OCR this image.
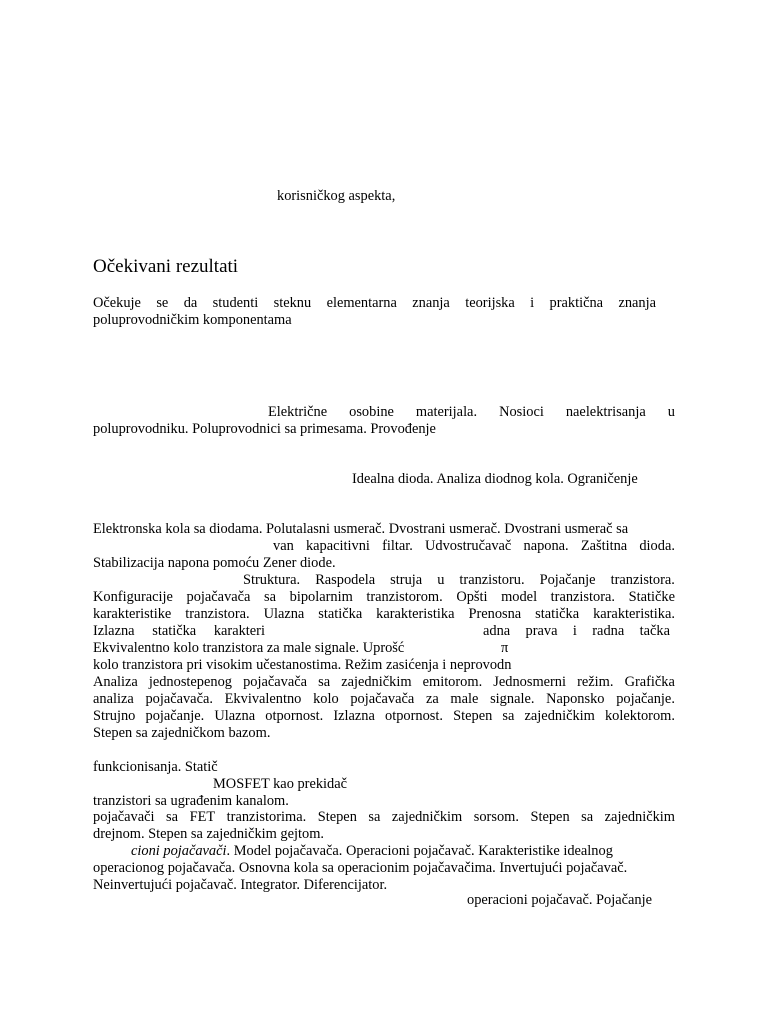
korisničkog aspekta,
Očekivani rezultati
Očekuje se da studenti steknu elementarna znanja teorijska i praktična znanja
poluprovodničkim komponentama
Električne osobine materijala. Nosioci naelektrisanja u
poluprovodniku. Poluprovodnici sa primesama. Provođenje
Idealna dioda. Analiza diodnog kola. Ograničenje
Elektronska kola sa diodama. Polutalasni usmerač. Dvostrani usmerač. Dvostrani usmerač sa
van kapacitivni filtar. Udvostručavač napona. Zaštitna dioda.
Stabilizacija napona pomoću Zener diode.
Struktura. Raspodela struja u tranzistoru. Pojačanje tranzistora.
Konfiguracije pojačavača sa bipolarnim tranzistorom. Opšti model tranzistora. Statičke
karakteristike tranzistora. Ulazna statička karakteristika Prenosna statička karakteristika.
Izlazna statička karakteri	adna prava i radna tačka
Ekvivalentno kolo tranzistora za male signale. Uprošć	π
kolo tranzistora pri visokim učestanostima. Režim zasićenja i neprovodn
Analiza jednostepenog pojačavača sa zajedničkim emitorom. Jednosmerni režim. Grafička
analiza pojačavača. Ekvivalentno kolo pojačavača za male signale. Naponsko pojačanje.
Strujno pojačanje. Ulazna otpornost. Izlazna otpornost. Stepen sa zajedničkim kolektorom.
Stepen sa zajedničkom bazom.
funkcionisanja. Statič
MOSFET kao prekidač
tranzistori sa ugrađenim kanalom.
pojačavači sa FET tranzistorima. Stepen sa zajedničkim sorsom. Stepen sa zajedničkim
drejnom. Stepen sa zajedničkim gejtom.
cioni pojačavači. Model pojačavača. Operacioni pojačavač. Karakteristike idealnog
operacionog pojačavača. Osnovna kola sa operacionim pojačavačima. Invertujući pojačavač.
Neinvertujući pojačavač. Integrator. Diferencijator.
operacioni pojačavač. Pojačanje
